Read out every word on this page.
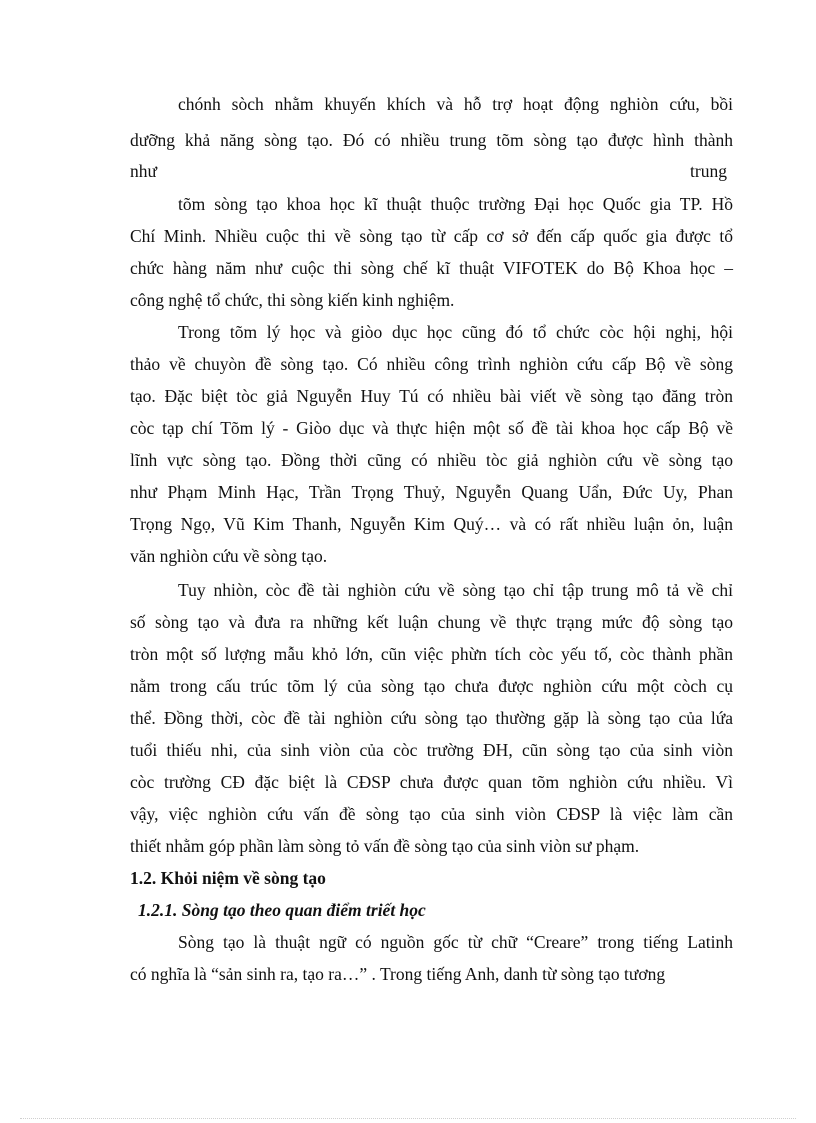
chónh sòch nhằm khuyến khích và hỗ trợ hoạt động nghiòn cứu, bồi
dưỡng khả năng sòng tạo. Đó có nhiều trung tõm sòng tạo được hình thành
như	trung
tõm sòng tạo khoa học kĩ thuật thuộc trường Đại học Quốc gia TP. Hồ
Chí Minh. Nhiều cuộc thi về sòng tạo từ cấp cơ sở đến cấp quốc gia được tổ
chức hàng năm như cuộc thi sòng chế kĩ thuật VIFOTEK do Bộ Khoa học –
công nghệ tổ chức, thi sòng kiến kinh nghiệm.
Trong tõm lý học và giòo dục học cũng đó tổ chức còc hội nghị, hội
thảo về chuyòn đề sòng tạo. Có nhiều công trình nghiòn cứu cấp Bộ về sòng
tạo. Đặc biệt tòc giả Nguyễn Huy Tú có nhiều bài viết về sòng tạo đăng tròn
còc tạp chí Tõm lý - Giòo dục và thực hiện một số đề tài khoa học cấp Bộ về
lĩnh vực sòng tạo. Đồng thời cũng có nhiều tòc giả nghiòn cứu về sòng tạo
như Phạm Minh Hạc, Trần Trọng Thuỷ, Nguyễn Quang Uẩn, Đức Uy, Phan
Trọng Ngọ, Vũ Kim Thanh, Nguyễn Kim Quý… và có rất nhiều luận ỏn, luận
văn nghiòn cứu về sòng tạo.
Tuy nhiòn, còc đề tài nghiòn cứu về sòng tạo chỉ tập trung mô tả về chỉ
số sòng tạo và đưa ra những kết luận chung về thực trạng mức độ sòng tạo
tròn một số lượng mẫu khỏ lớn, cũn việc phừn tích còc yếu tố, còc thành phần
nằm trong cấu trúc tõm lý của sòng tạo chưa được nghiòn cứu một còch cụ
thể. Đồng thời, còc đề tài nghiòn cứu sòng tạo thường gặp là sòng tạo của lứa
tuổi thiếu nhi, của sinh viòn của còc trường ĐH, cũn sòng tạo của sinh viòn
còc trường CĐ đặc biệt là CĐSP chưa được quan tõm nghiòn cứu nhiều. Vì
vậy, việc nghiòn cứu vấn đề sòng tạo của sinh viòn CĐSP là việc làm cần
thiết nhằm góp phần làm sòng tỏ vấn đề sòng tạo của sinh viòn sư phạm.
1.2. Khỏi niệm về sòng tạo
1.2.1. Sòng tạo theo quan điểm triết học
Sòng tạo là thuật ngữ có nguồn gốc từ chữ “Creare” trong tiếng Latinh
có nghĩa là “sản sinh ra, tạo ra…” . Trong tiếng Anh, danh từ sòng tạo tương
